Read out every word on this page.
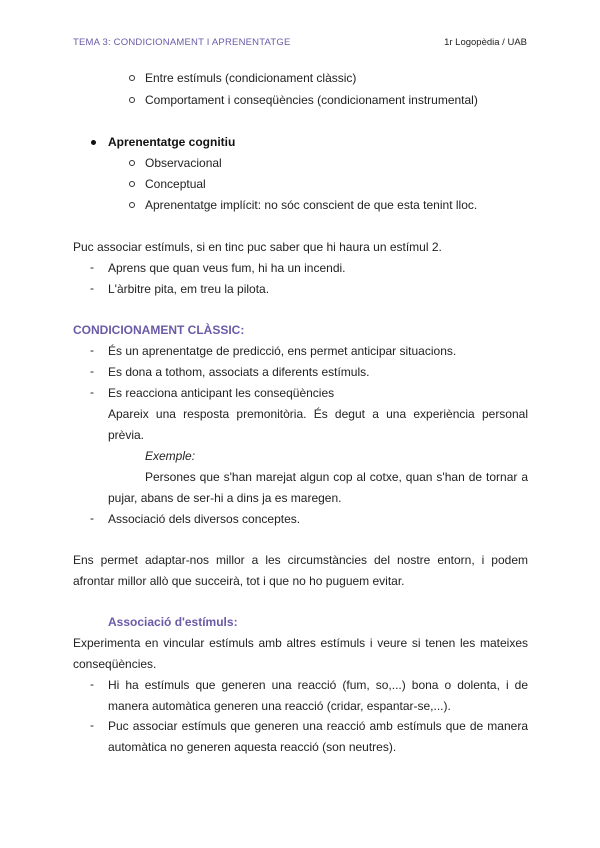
TEMA 3: CONDICIONAMENT I APRENENTATGE	1r Logopèdia / UAB
Entre estímuls (condicionament clàssic)
Comportament i conseqüències (condicionament instrumental)
Aprenentatge cognitiu
Observacional
Conceptual
Aprenentatge implícit: no sóc conscient de que esta tenint lloc.
Puc associar estímuls, si en tinc puc saber que hi haura un estímul 2.
- Aprens que quan veus fum, hi ha un incendi.
- L'àrbitre pita, em treu la pilota.
CONDICIONAMENT CLÀSSIC:
- És un aprenentatge de predicció, ens permet anticipar situacions.
- Es dona a tothom, associats a diferents estímuls.
- Es reacciona anticipant les conseqüències
Apareix una resposta premonitòria. És degut a una experiència personal
prèvia.
Exemple:
Persones que s'han marejat algun cop al cotxe, quan s'han de tornar a
pujar, abans de ser-hi a dins ja es maregen.
- Associació dels diversos conceptes.
Ens permet adaptar-nos millor a les circumstàncies del nostre entorn, i podem
afrontar millor allò que succeirà, tot i que no ho puguem evitar.
Associació d'estímuls:
Experimenta en vincular estímuls amb altres estímuls i veure si tenen les mateixes
conseqüències.
- Hi ha estímuls que generen una reacció (fum, so,...) bona o dolenta, i de
manera automàtica generen una reacció (cridar, espantar-se,...).
- Puc associar estímuls que generen una reacció amb estímuls que de manera
automàtica no generen aquesta reacció (son neutres).
